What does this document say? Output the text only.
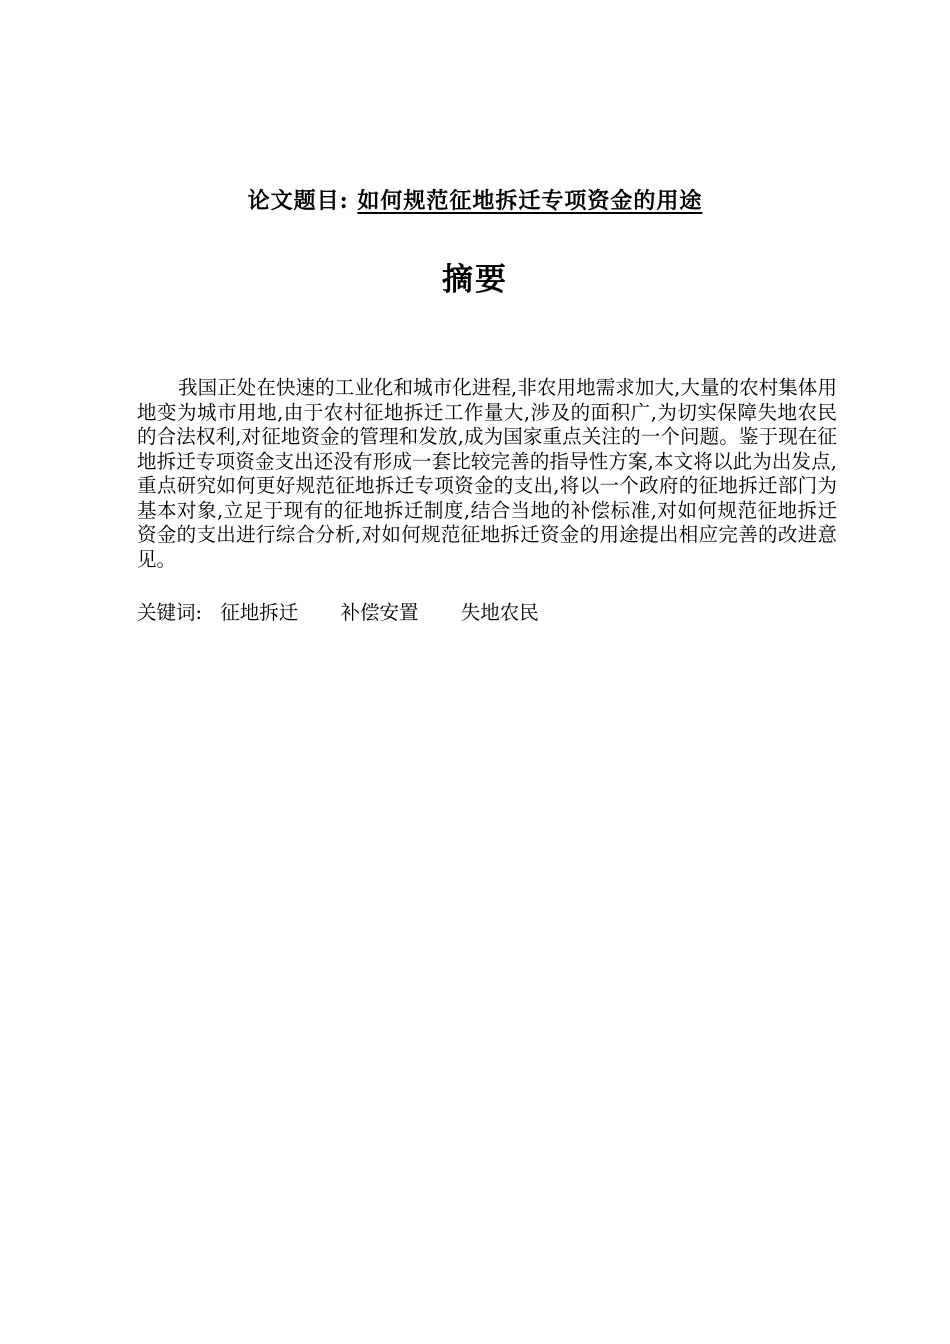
论文题目: 如何规范征地拆迁专项资金的用途
摘要

我国正处在快速的工业化和城市化进程,非农用地需求加大,大量的农村集体用地变为城市用地,由于农村征地拆迁工作量大,涉及的面积广,为切实保障失地农民的合法权利,对征地资金的管理和发放,成为国家重点关注的一个问题。鉴于现在征地拆迁专项资金支出还没有形成一套比较完善的指导性方案,本文将以此为出发点,重点研究如何更好规范征地拆迁专项资金的支出,将以一个政府的征地拆迁部门为基本对象,立足于现有的征地拆迁制度,结合当地的补偿标准,对如何规范征地拆迁资金的支出进行综合分析,对如何规范征地拆迁资金的用途提出相应完善的改进意见。

关键词: 征地拆迁 补偿安置 失地农民
